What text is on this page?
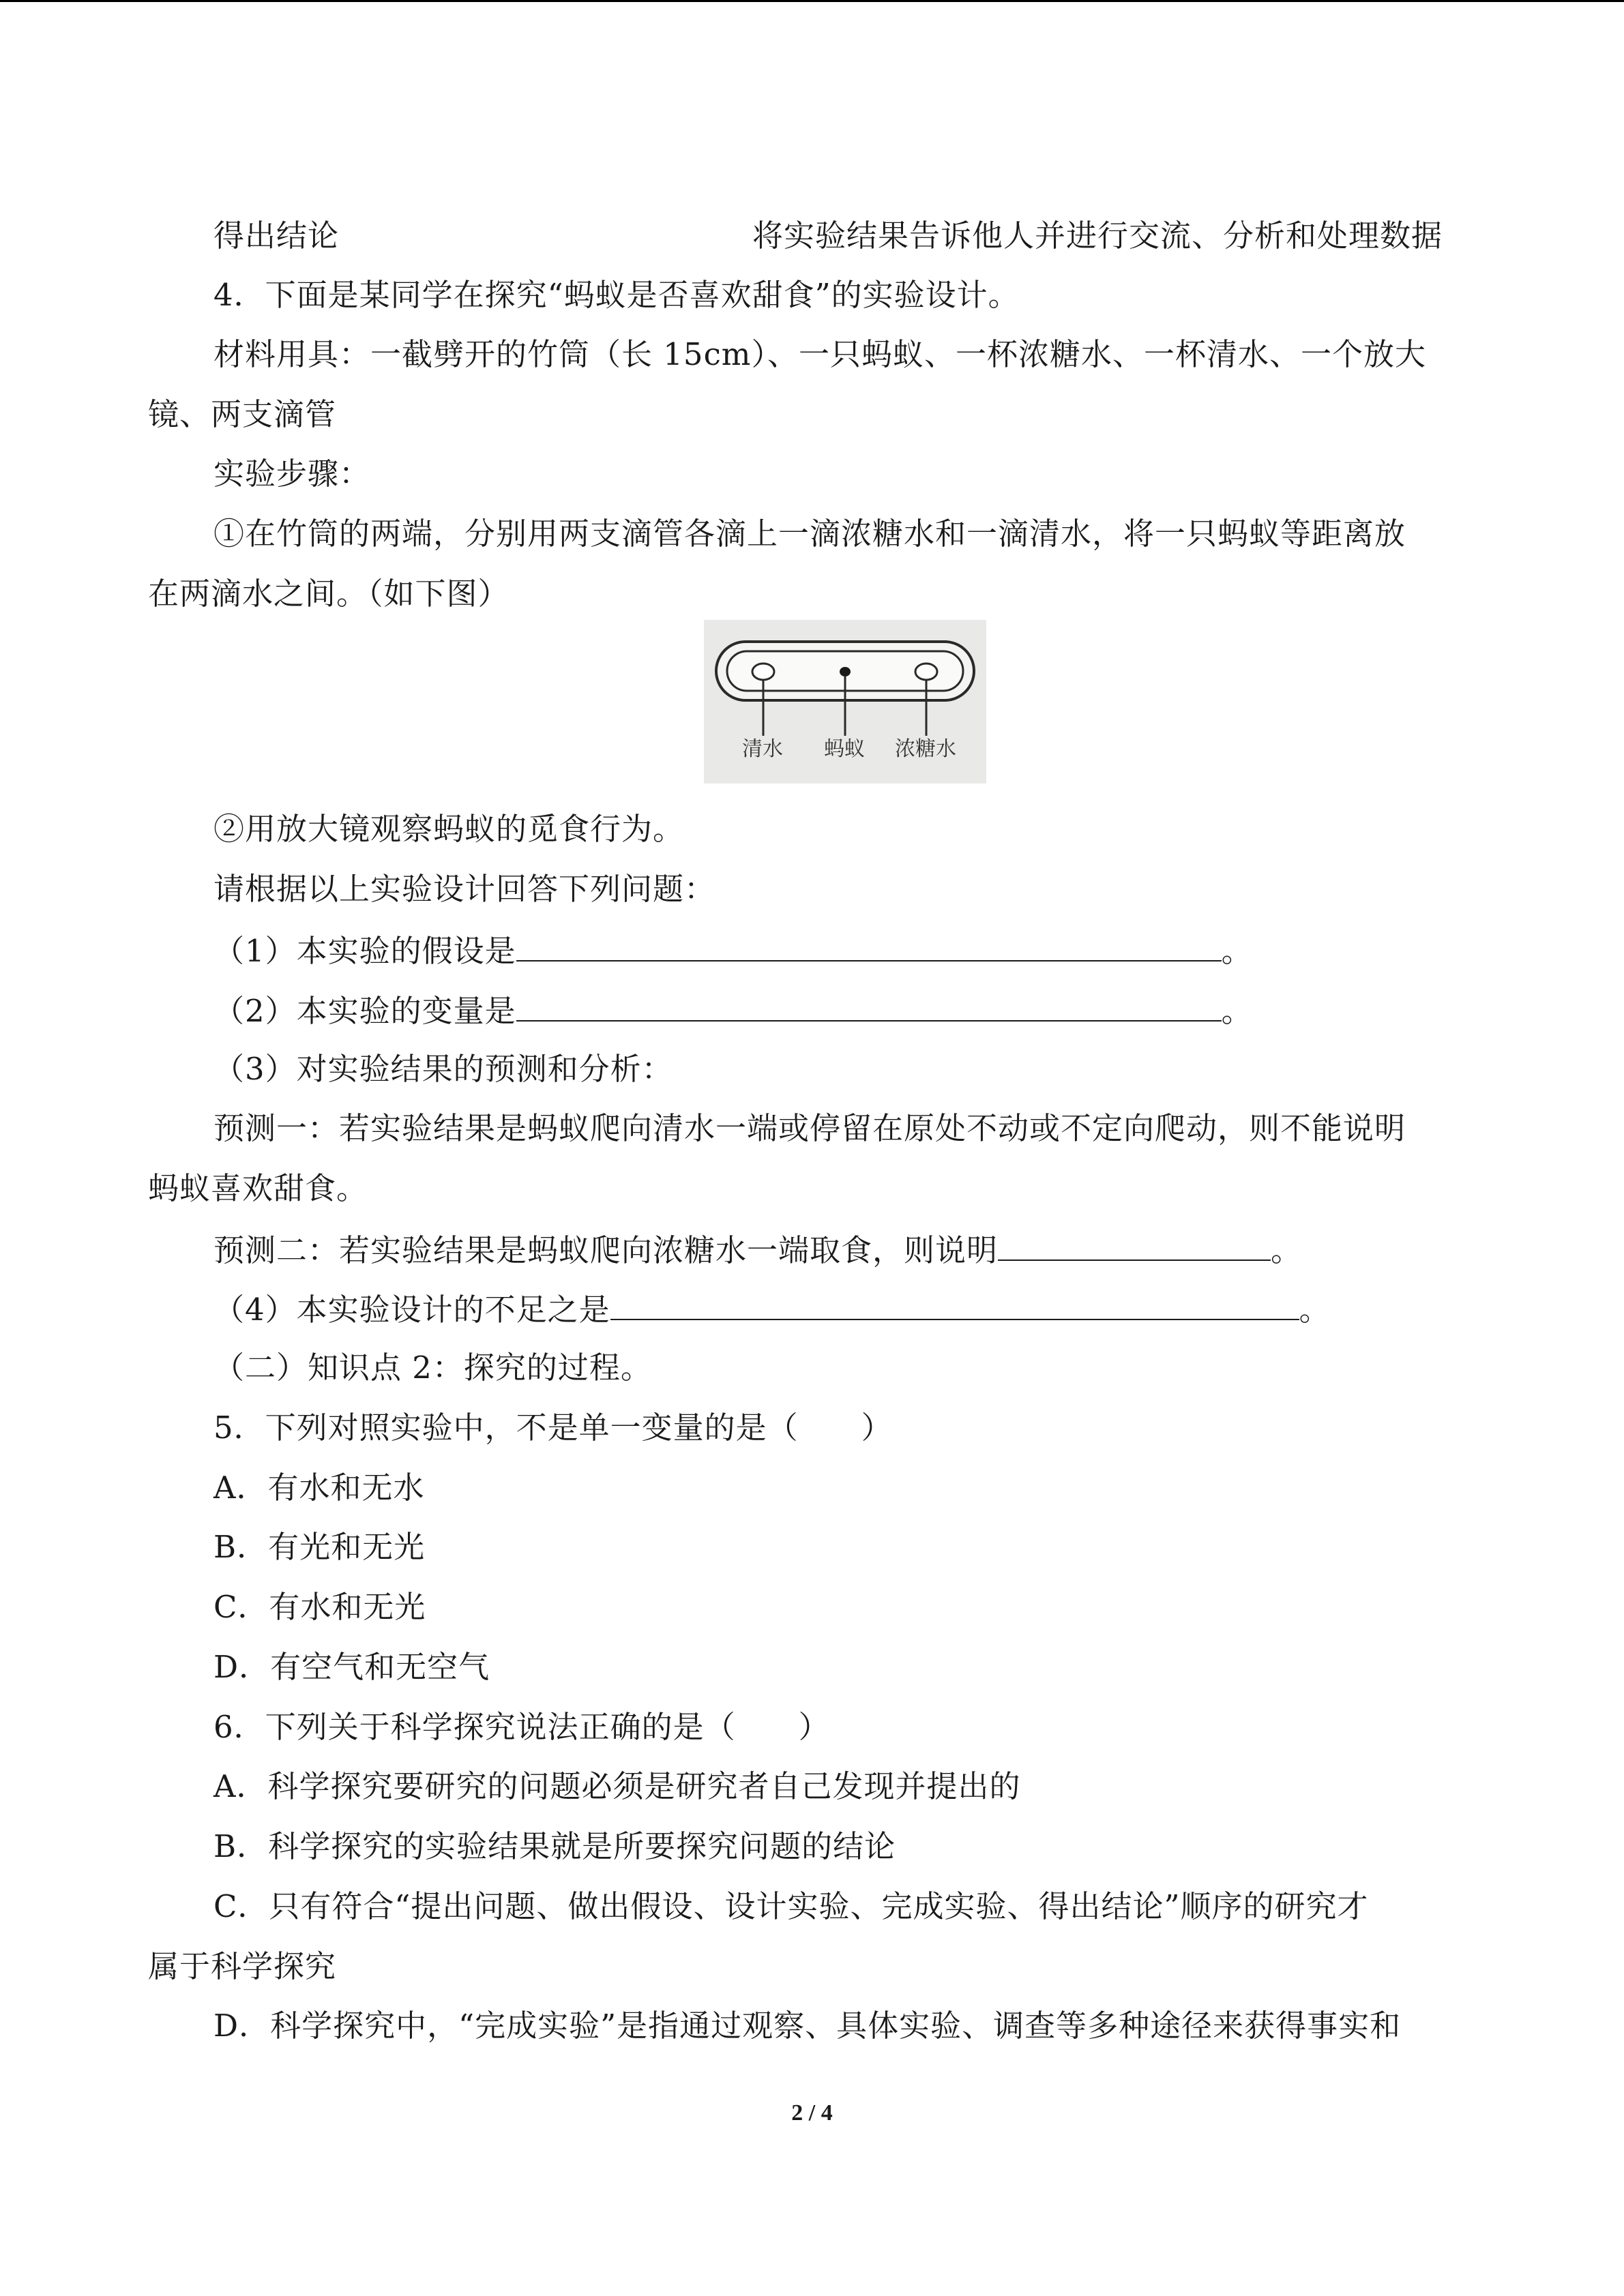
得出结论	将实验结果告诉他人并进行交流、分析和处理数据
4．下面是某同学在探究“蚂蚁是否喜欢甜食”的实验设计。
材料用具：一截劈开的竹筒（长 15cm）、一只蚂蚁、一杯浓糖水、一杯清水、一个放大
镜、两支滴管
实验步骤：
①在竹筒的两端，分别用两支滴管各滴上一滴浓糖水和一滴清水，将一只蚂蚁等距离放
在两滴水之间。（如下图）
清水 蚂蚁 浓糖水
②用放大镜观察蚂蚁的觅食行为。
请根据以上实验设计回答下列问题：
（1）本实验的假设是	。
（2）本实验的变量是	。
（3）对实验结果的预测和分析：
预测一：若实验结果是蚂蚁爬向清水一端或停留在原处不动或不定向爬动，则不能说明
蚂蚁喜欢甜食。
预测二：若实验结果是蚂蚁爬向浓糖水一端取食，则说明	。
（4）本实验设计的不足之是	。
（二）知识点 2：探究的过程。
5．下列对照实验中，不是单一变量的是（　　）
A．有水和无水
B．有光和无光
C．有水和无光
D．有空气和无空气
6．下列关于科学探究说法正确的是（　　）
A．科学探究要研究的问题必须是研究者自己发现并提出的
B．科学探究的实验结果就是所要探究问题的结论
C．只有符合“提出问题、做出假设、设计实验、完成实验、得出结论”顺序的研究才
属于科学探究
D．科学探究中，“完成实验”是指通过观察、具体实验、调查等多种途径来获得事实和
2 / 4
